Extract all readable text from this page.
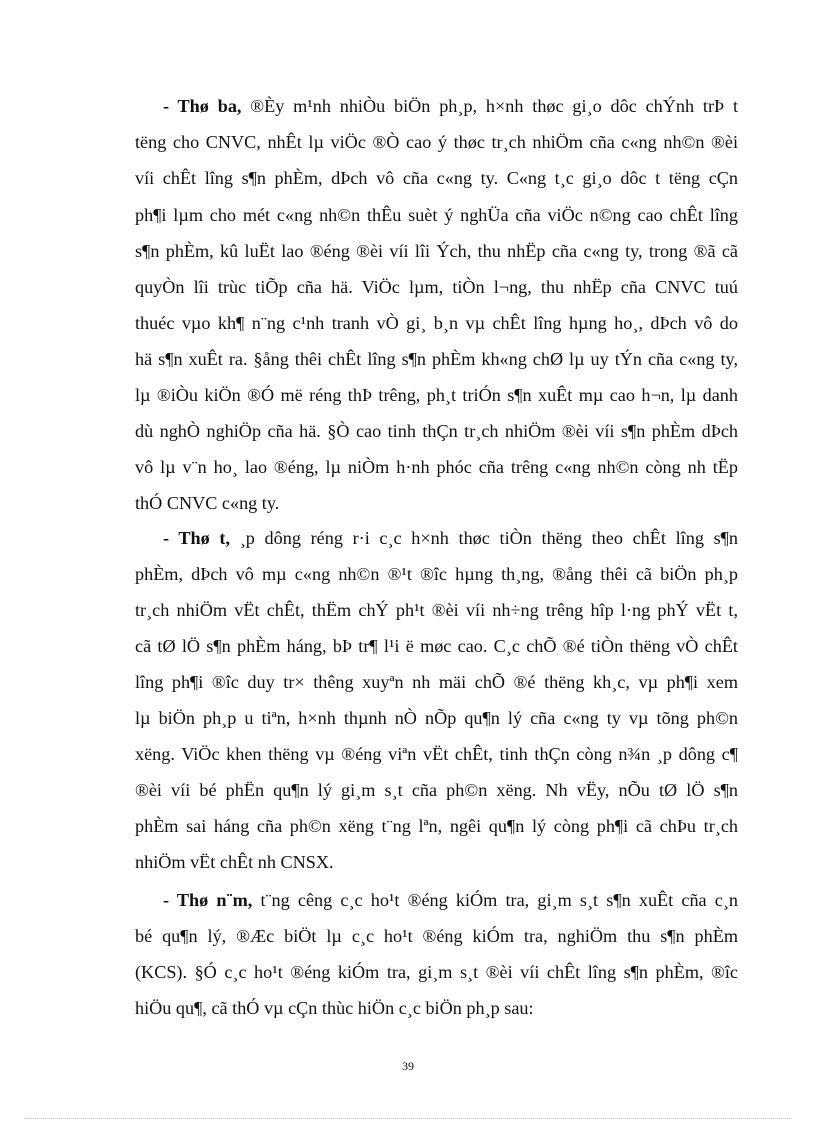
- Thø ba, ®Èy m¹nh nhiÒu biÖn ph¸p, h×nh thøc gi¸o dôc chÝnh trÞ t
tëng cho CNVC, nhÊt lµ viÖc ®Ò cao ý thøc tr¸ch nhiÖm cña c«ng nh©n ®èi
víi chÊt lîng s¶n phÈm, dÞch vô cña c«ng ty. C«ng t¸c gi¸o dôc t tëng cÇn
ph¶i lµm cho mét c«ng nh©n thÊu suèt ý nghÜa cña viÖc n©ng cao chÊt lîng
s¶n phÈm, kû luËt lao ®éng ®èi víi lîi Ých, thu nhËp cña c«ng ty, trong ®ã cã
quyÒn lîi trùc tiÕp cña hä. ViÖc lµm, tiÒn l¬ng, thu nhËp cña CNVC tuú
thuéc vµo kh¶ n¨ng c¹nh tranh vÒ gi¸ b¸n vµ chÊt lîng hµng ho¸, dÞch vô do
hä s¶n xuÊt ra. §ång thêi chÊt lîng s¶n phÈm kh«ng chØ lµ uy tÝn cña c«ng ty,
lµ ®iÒu kiÖn ®Ó më réng thÞ trêng, ph¸t triÓn s¶n xuÊt mµ cao h¬n, lµ danh
dù nghÒ nghiÖp cña hä. §Ò cao tinh thÇn tr¸ch nhiÖm ®èi víi s¶n phÈm dÞch
vô lµ v¨n ho¸ lao ®éng, lµ niÒm h·nh phóc cña trêng c«ng nh©n còng nh tËp
thÓ CNVC c«ng ty.
- Thø t, ¸p dông réng r·i c¸c h×nh thøc tiÒn thëng theo chÊt lîng s¶n
phÈm, dÞch vô mµ c«ng nh©n ®¹t ®îc hµng th¸ng, ®ång thêi cã biÖn ph¸p
tr¸ch nhiÖm vËt chÊt, thËm chÝ ph¹t ®èi víi nh÷ng trêng hîp l·ng phÝ vËt t,
cã tØ lÖ s¶n phÈm háng, bÞ tr¶ l¹i ë møc cao. C¸c chÕ ®é tiÒn thëng vÒ chÊt
lîng ph¶i ®îc duy tr× thêng xuyªn nh mäi chÕ ®é thëng kh¸c, vµ ph¶i xem
lµ biÖn ph¸p u tiªn, h×nh thµnh nÒ nÕp qu¶n lý cña c«ng ty vµ tõng ph©n
xëng. ViÖc khen thëng vµ ®éng viªn vËt chÊt, tinh thÇn còng n¾n ¸p dông c¶
®èi víi bé phËn qu¶n lý gi¸m s¸t cña ph©n xëng. Nh vËy, nÕu tØ lÖ s¶n
phÈm sai háng cña ph©n xëng t¨ng lªn, ngêi qu¶n lý còng ph¶i cã chÞu tr¸ch
nhiÖm vËt chÊt nh CNSX.
- Thø n¨m, t¨ng cêng c¸c ho¹t ®éng kiÓm tra, gi¸m s¸t s¶n xuÊt cña c¸n
bé qu¶n lý, ®Æc biÖt lµ c¸c ho¹t ®éng kiÓm tra, nghiÖm thu s¶n phÈm
(KCS). §Ó c¸c ho¹t ®éng kiÓm tra, gi¸m s¸t ®èi víi chÊt lîng s¶n phÈm, ®îc
hiÖu qu¶, cã thÓ vµ cÇn thùc hiÖn c¸c biÖn ph¸p sau:
39
